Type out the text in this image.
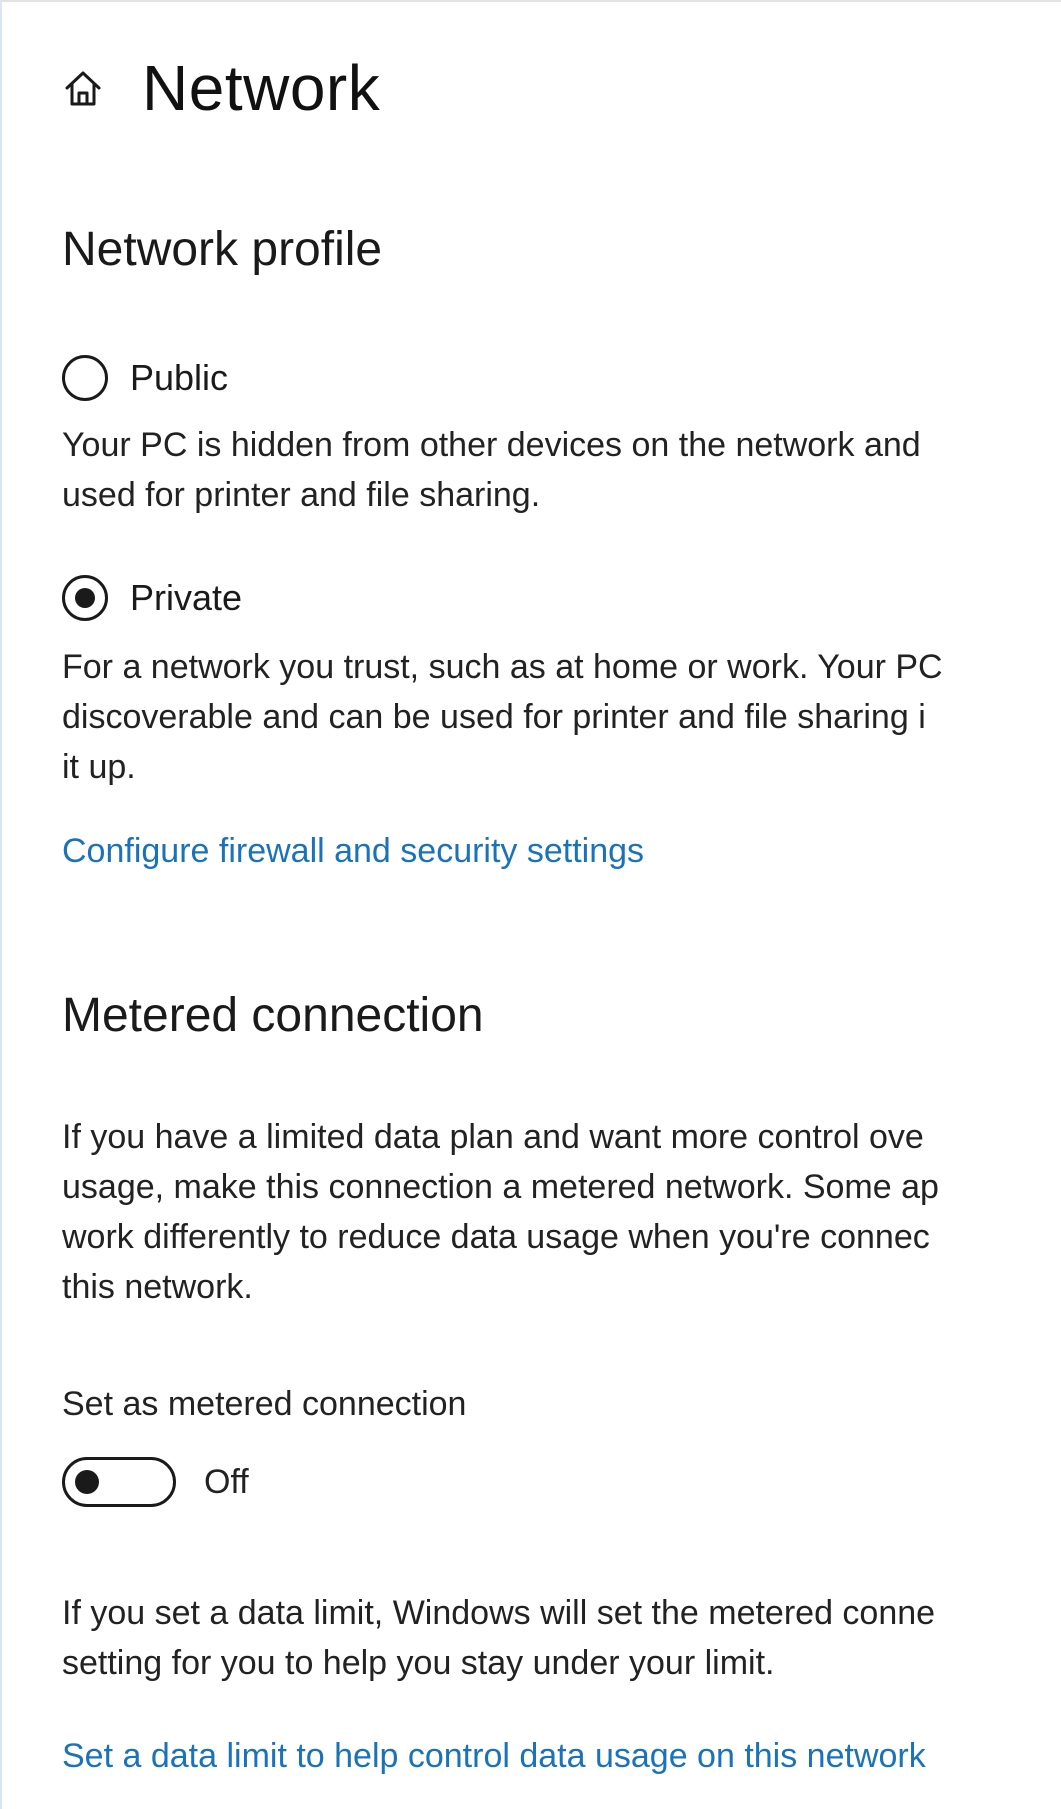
Network
Network profile
Public
Your PC is hidden from other devices on the network and
used for printer and file sharing.
Private
For a network you trust, such as at home or work. Your PC
discoverable and can be used for printer and file sharing i
it up.
Configure firewall and security settings
Metered connection
If you have a limited data plan and want more control ove
usage, make this connection a metered network. Some ap
work differently to reduce data usage when you're connec
this network.
Set as metered connection
Off
If you set a data limit, Windows will set the metered conne
setting for you to help you stay under your limit.
Set a data limit to help control data usage on this network
